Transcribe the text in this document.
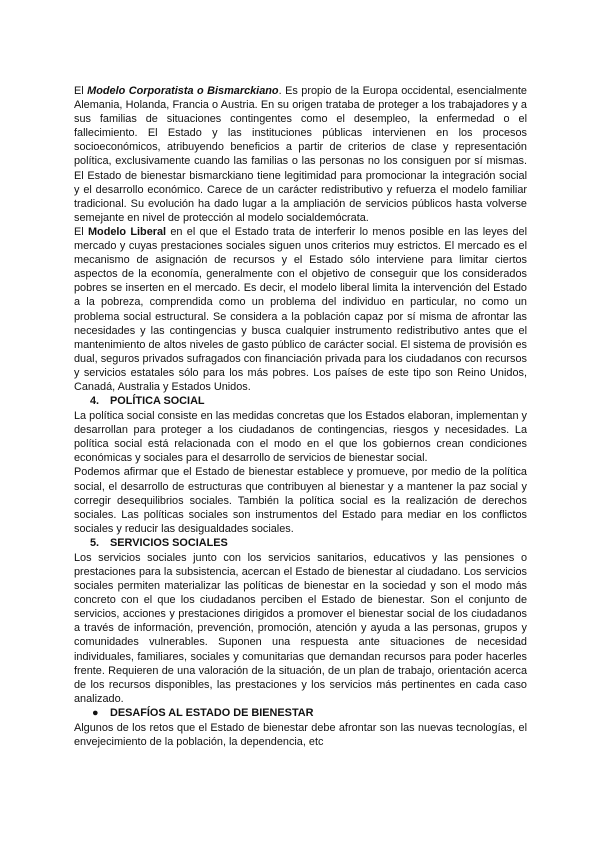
El Modelo Corporatista o Bismarckiano. Es propio de la Europa occidental, esencialmente Alemania, Holanda, Francia o Austria. En su origen trataba de proteger a los trabajadores y a sus familias de situaciones contingentes como el desempleo, la enfermedad o el fallecimiento. El Estado y las instituciones públicas intervienen en los procesos socioeconómicos, atribuyendo beneficios a partir de criterios de clase y representación política, exclusivamente cuando las familias o las personas no los consiguen por sí mismas. El Estado de bienestar bismarckiano tiene legitimidad para promocionar la integración social y el desarrollo económico. Carece de un carácter redistributivo y refuerza el modelo familiar tradicional. Su evolución ha dado lugar a la ampliación de servicios públicos hasta volverse semejante en nivel de protección al modelo socialdemócrata.

El Modelo Liberal en el que el Estado trata de interferir lo menos posible en las leyes del mercado y cuyas prestaciones sociales siguen unos criterios muy estrictos. El mercado es el mecanismo de asignación de recursos y el Estado sólo interviene para limitar ciertos aspectos de la economía, generalmente con el objetivo de conseguir que los considerados pobres se inserten en el mercado. Es decir, el modelo liberal limita la intervención del Estado a la pobreza, comprendida como un problema del individuo en particular, no como un problema social estructural. Se considera a la población capaz por sí misma de afrontar las necesidades y las contingencias y busca cualquier instrumento redistributivo antes que el mantenimiento de altos niveles de gasto público de carácter social. El sistema de provisión es dual, seguros privados sufragados con financiación privada para los ciudadanos con recursos y servicios estatales sólo para los más pobres. Los países de este tipo son Reino Unidos, Canadá, Australia y Estados Unidos.

4. POLÍTICA SOCIAL

La política social consiste en las medidas concretas que los Estados elaboran, implementan y desarrollan para proteger a los ciudadanos de contingencias, riesgos y necesidades. La política social está relacionada con el modo en el que los gobiernos crean condiciones económicas y sociales para el desarrollo de servicios de bienestar social.

Podemos afirmar que el Estado de bienestar establece y promueve, por medio de la política social, el desarrollo de estructuras que contribuyen al bienestar y a mantener la paz social y corregir desequilibrios sociales. También la política social es la realización de derechos sociales. Las políticas sociales son instrumentos del Estado para mediar en los conflictos sociales y reducir las desigualdades sociales.

5. SERVICIOS SOCIALES

Los servicios sociales junto con los servicios sanitarios, educativos y las pensiones o prestaciones para la subsistencia, acercan el Estado de bienestar al ciudadano. Los servicios sociales permiten materializar las políticas de bienestar en la sociedad y son el modo más concreto con el que los ciudadanos perciben el Estado de bienestar. Son el conjunto de servicios, acciones y prestaciones dirigidos a promover el bienestar social de los ciudadanos a través de información, prevención, promoción, atención y ayuda a las personas, grupos y comunidades vulnerables. Suponen una respuesta ante situaciones de necesidad individuales, familiares, sociales y comunitarias que demandan recursos para poder hacerles frente. Requieren de una valoración de la situación, de un plan de trabajo, orientación acerca de los recursos disponibles, las prestaciones y los servicios más pertinentes en cada caso analizado.

● DESAFÍOS AL ESTADO DE BIENESTAR

Algunos de los retos que el Estado de bienestar debe afrontar son las nuevas tecnologías, el envejecimiento de la población, la dependencia, etc
